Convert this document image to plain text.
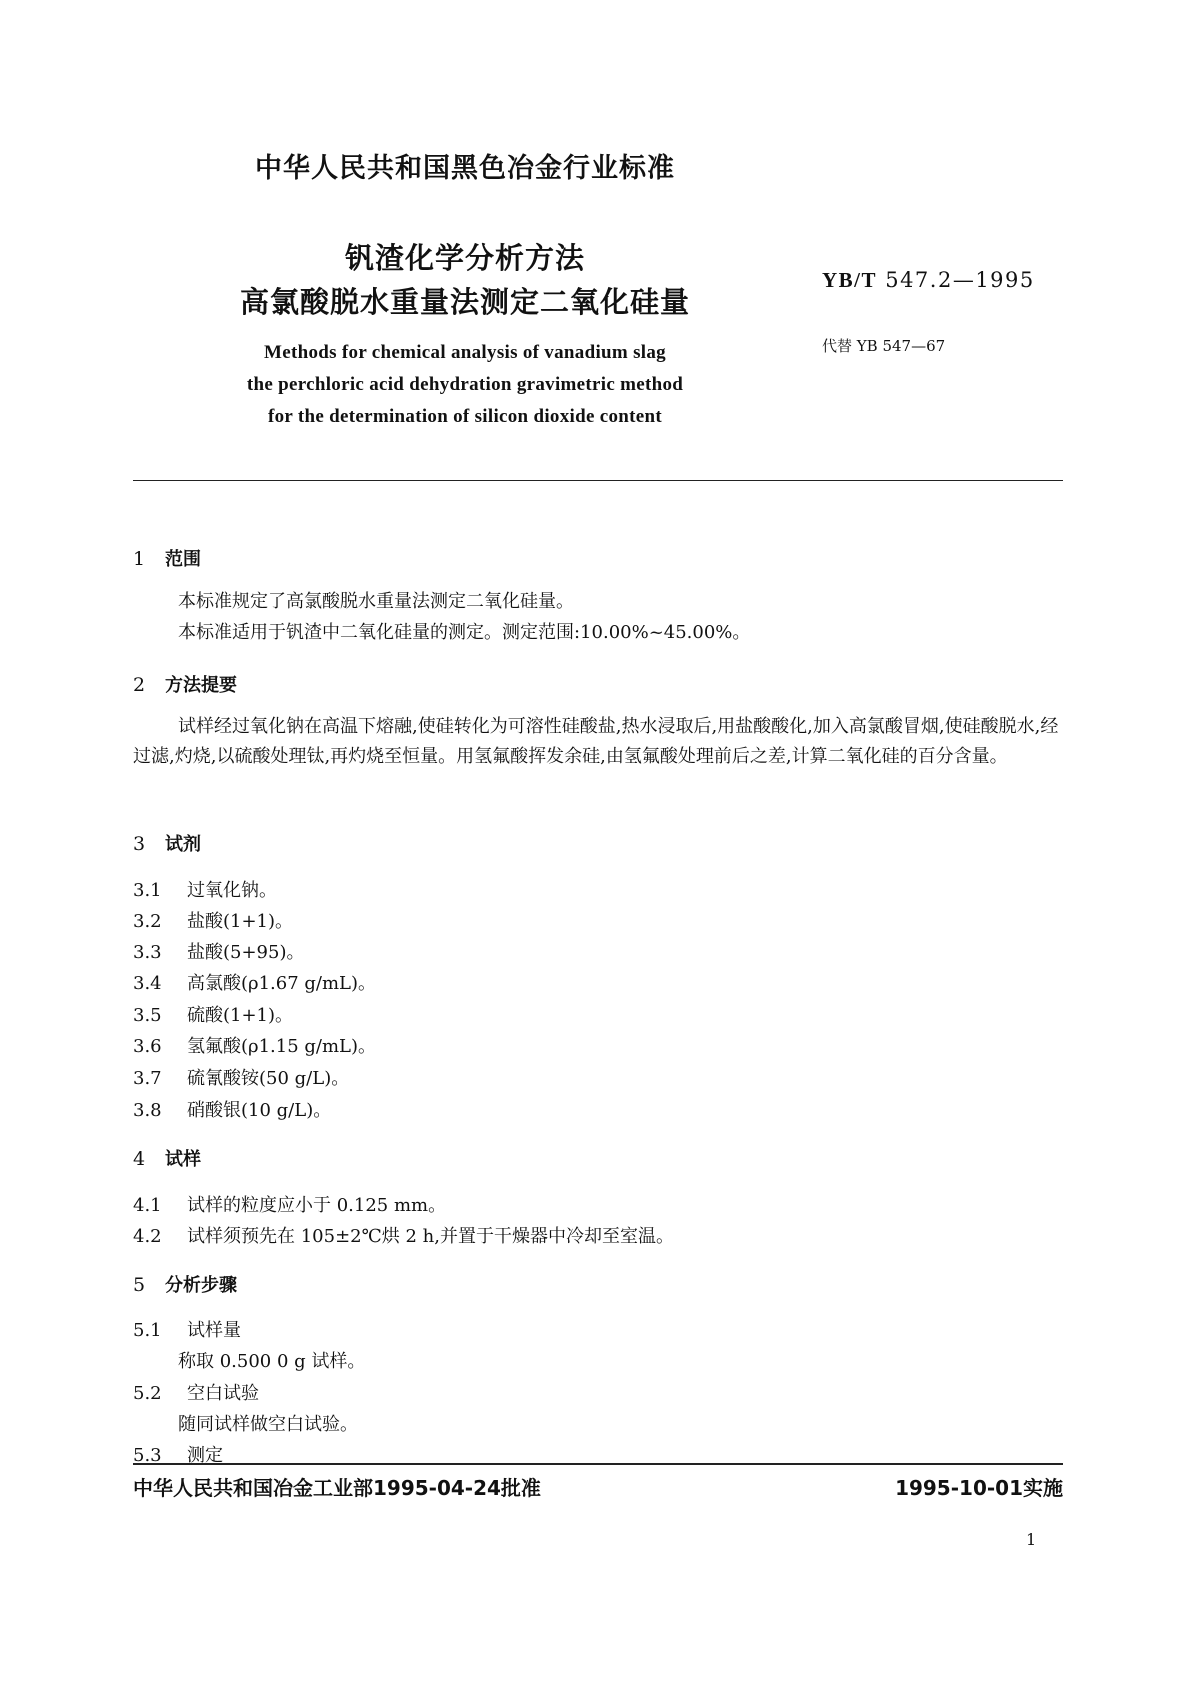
中华人民共和国黑色冶金行业标准
钒渣化学分析方法
高氯酸脱水重量法测定二氧化硅量
YB/T 547.2—1995
代替 YB 547—67
Methods for chemical analysis of vanadium slag
the perchloric acid dehydration gravimetric method
for the determination of silicon dioxide content
1 范围
本标准规定了高氯酸脱水重量法测定二氧化硅量。
本标准适用于钒渣中二氧化硅量的测定。测定范围:10.00%~45.00%。
2 方法提要
试样经过氧化钠在高温下熔融,使硅转化为可溶性硅酸盐,热水浸取后,用盐酸酸化,加入高氯酸冒烟,使硅酸脱水,经过滤,灼烧,以硫酸处理钛,再灼烧至恒量。用氢氟酸挥发余硅,由氢氟酸处理前后之差,计算二氧化硅的百分含量。
3 试剂
3.1 过氧化钠。
3.2 盐酸(1+1)。
3.3 盐酸(5+95)。
3.4 高氯酸(ρ1.67 g/mL)。
3.5 硫酸(1+1)。
3.6 氢氟酸(ρ1.15 g/mL)。
3.7 硫氰酸铵(50 g/L)。
3.8 硝酸银(10 g/L)。
4 试样
4.1 试样的粒度应小于 0.125 mm。
4.2 试样须预先在 105±2℃烘 2 h,并置于干燥器中冷却至室温。
5 分析步骤
5.1 试样量
称取 0.500 0 g 试样。
5.2 空白试验
随同试样做空白试验。
5.3 测定
中华人民共和国冶金工业部1995-04-24批准	1995-10-01实施
1
